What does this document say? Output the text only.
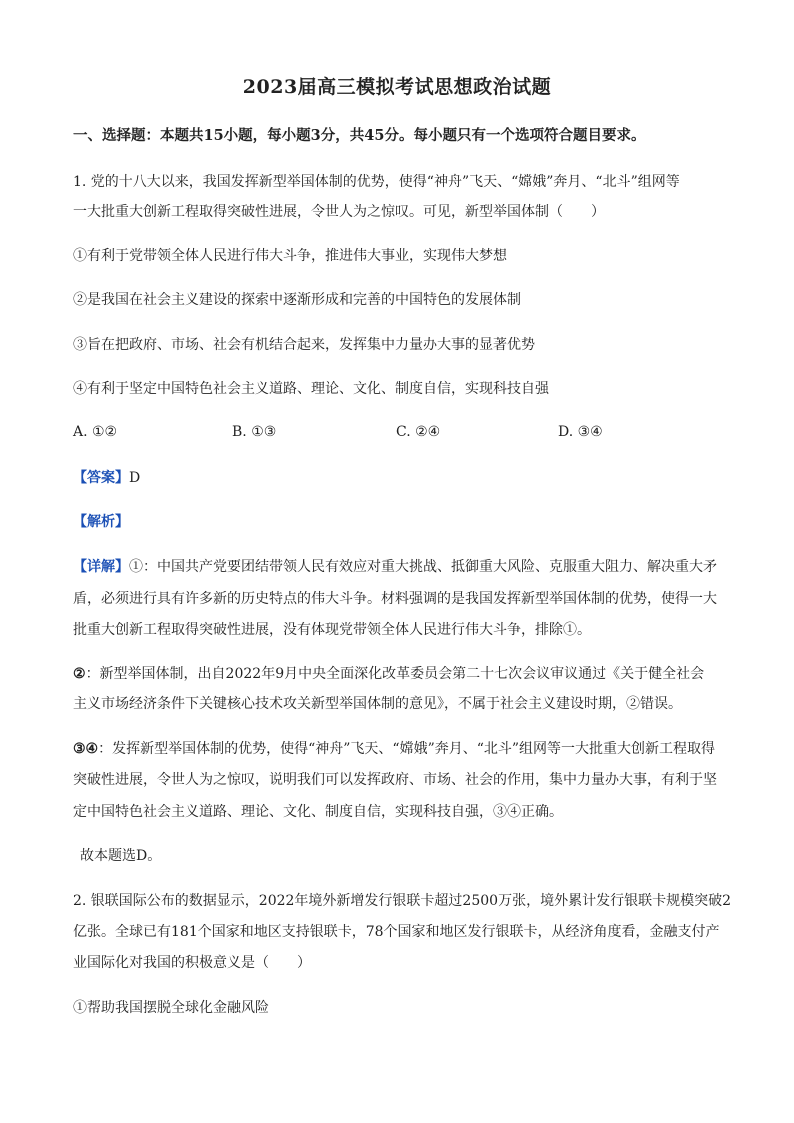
2023届高三模拟考试思想政治试题
一、选择题：本题共15小题，每小题3分，共45分。每小题只有一个选项符合题目要求。
1. 党的十八大以来，我国发挥新型举国体制的优势，使得“神舟”飞天、“嫦娥”奔月、“北斗”组网等
一大批重大创新工程取得突破性进展，令世人为之惊叹。可见，新型举国体制（　　）
①有利于党带领全体人民进行伟大斗争，推进伟大事业，实现伟大梦想
②是我国在社会主义建设的探索中逐渐形成和完善的中国特色的发展体制
③旨在把政府、市场、社会有机结合起来，发挥集中力量办大事的显著优势
④有利于坚定中国特色社会主义道路、理论、文化、制度自信，实现科技自强
A. ①②	B. ①③	C. ②④	D. ③④
【答案】D
【解析】
【详解】①：中国共产党要团结带领人民有效应对重大挑战、抵御重大风险、克服重大阻力、解决重大矛
盾，必须进行具有许多新的历史特点的伟大斗争。材料强调的是我国发挥新型举国体制的优势，使得一大
批重大创新工程取得突破性进展，没有体现党带领全体人民进行伟大斗争，排除①。
②：新型举国体制，出自2022年9月中央全面深化改革委员会第二十七次会议审议通过《关于健全社会
主义市场经济条件下关键核心技术攻关新型举国体制的意见》，不属于社会主义建设时期，②错误。
③④：发挥新型举国体制的优势，使得“神舟”飞天、“嫦娥”奔月、“北斗”组网等一大批重大创新工程取得
突破性进展，令世人为之惊叹，说明我们可以发挥政府、市场、社会的作用，集中力量办大事，有利于坚
定中国特色社会主义道路、理论、文化、制度自信，实现科技自强，③④正确。
故本题选D。
2. 银联国际公布的数据显示，2022年境外新增发行银联卡超过2500万张，境外累计发行银联卡规模突破2
亿张。全球已有181个国家和地区支持银联卡，78个国家和地区发行银联卡，从经济角度看，金融支付产
业国际化对我国的积极意义是（　　）
①帮助我国摆脱全球化金融风险
